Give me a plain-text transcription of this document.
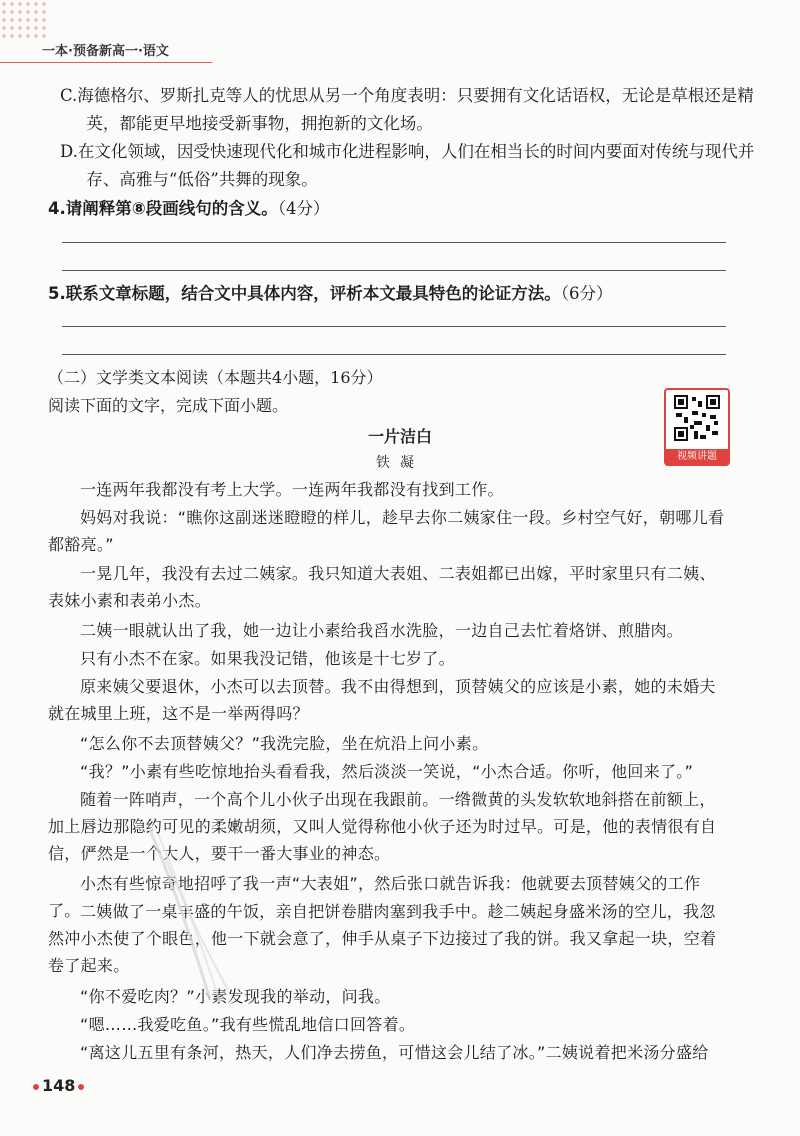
一本·预备新高一·语文
C.海德格尔、罗斯扎克等人的忧思从另一个角度表明：只要拥有文化话语权，无论是草根还是精英，都能更早地接受新事物，拥抱新的文化场。
D.在文化领域，因受快速现代化和城市化进程影响，人们在相当长的时间内要面对传统与现代并存、高雅与“低俗”共舞的现象。
4.请阐释第⑧段画线句的含义。（4分）
5.联系文章标题，结合文中具体内容，评析本文最具特色的论证方法。（6分）
（二）文学类文本阅读（本题共4小题，16分）
阅读下面的文字，完成下面小题。
视频讲题
一片洁白
铁凝
一连两年我都没有考上大学。一连两年我都没有找到工作。
妈妈对我说：“瞧你这副迷迷瞪瞪的样儿，趁早去你二姨家住一段。乡村空气好，朝哪儿看都豁亮。”
一晃几年，我没有去过二姨家。我只知道大表姐、二表姐都已出嫁，平时家里只有二姨、表妹小素和表弟小杰。
二姨一眼就认出了我，她一边让小素给我舀水洗脸，一边自己去忙着烙饼、煎腊肉。
只有小杰不在家。如果我没记错，他该是十七岁了。
原来姨父要退休，小杰可以去顶替。我不由得想到，顶替姨父的应该是小素，她的未婚夫就在城里上班，这不是一举两得吗？
“怎么你不去顶替姨父？”我洗完脸，坐在炕沿上问小素。
“我？”小素有些吃惊地抬头看看我，然后淡淡一笑说，“小杰合适。你听，他回来了。”
随着一阵哨声，一个高个儿小伙子出现在我跟前。一绺微黄的头发软软地斜搭在前额上，加上唇边那隐约可见的柔嫩胡须，又叫人觉得称他小伙子还为时过早。可是，他的表情很有自信，俨然是一个大人，要干一番大事业的神态。
小杰有些惊奇地招呼了我一声“大表姐”，然后张口就告诉我：他就要去顶替姨父的工作了。 二姨做了一桌丰盛的午饭，亲自把饼卷腊肉塞到我手中。趁二姨起身盛米汤的空儿，我忽然冲小杰使了个眼色，他一下就会意了，伸手从桌子下边接过了我的饼。我又拿起一块，空着卷了起来。
“你不爱吃肉？”小素发现我的举动，问我。
“嗯……我爱吃鱼。”我有些慌乱地信口回答着。
“离这儿五里有条河，热天，人们净去捞鱼，可惜这会儿结了冰。”二姨说着把米汤分盛给
148
